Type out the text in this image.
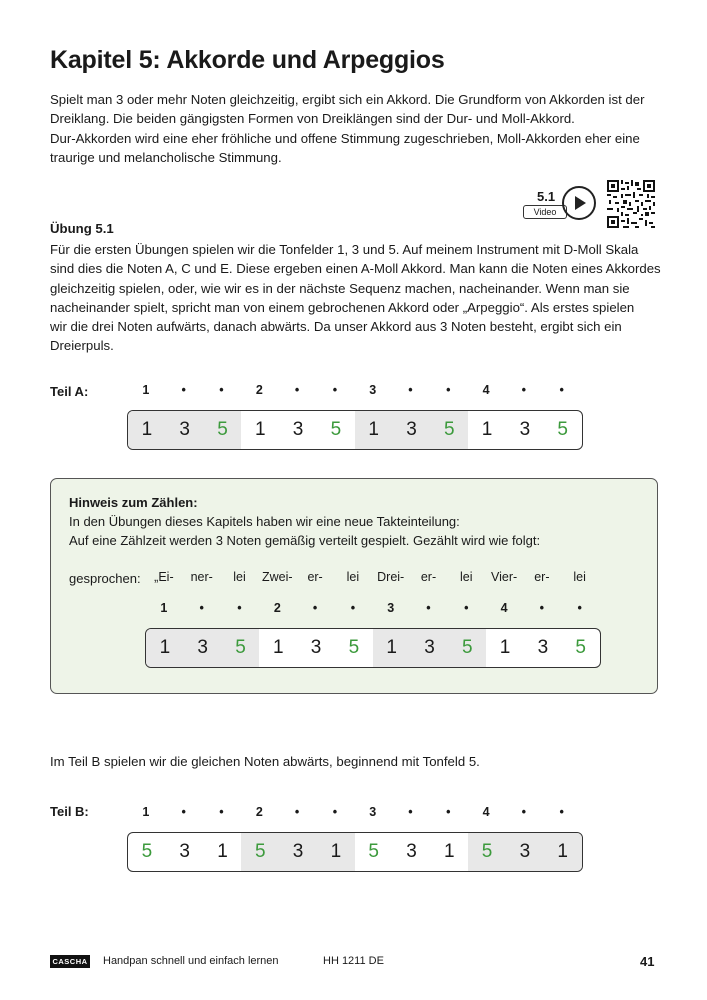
Kapitel 5: Akkorde und Arpeggios
Spielt man 3 oder mehr Noten gleichzeitig, ergibt sich ein Akkord. Die Grundform von Akkorden ist der
Dreiklang. Die beiden gängigsten Formen von Dreiklängen sind der Dur- und Moll-Akkord.
Dur-Akkorden wird eine eher fröhliche und offene Stimmung zugeschrieben, Moll-Akkorden eher eine
traurige und melancholische Stimmung.
5.1
Video
Übung 5.1
Für die ersten Übungen spielen wir die Tonfelder 1, 3 und 5. Auf meinem Instrument mit D-Moll Skala
sind dies die Noten A, C und E. Diese ergeben einen A-Moll Akkord. Man kann die Noten eines Akkordes
gleichzeitig spielen, oder, wie wir es in der nächste Sequenz machen, nacheinander. Wenn man sie
nacheinander spielt, spricht man von einem gebrochenen Akkord oder „Arpeggio“. Als erstes spielen
wir die drei Noten aufwärts, danach abwärts. Da unser Akkord aus 3 Noten besteht, ergibt sich ein
Dreierpuls.
Teil A:	1	•	•	2	•	•	3	•	•	4	•	•
1	3	5	1	3	5	1	3	5	1	3	5
Hinweis zum Zählen:
In den Übungen dieses Kapitels haben wir eine neue Takteinteilung:
Auf eine Zählzeit werden 3 Noten gemäßig verteilt gespielt. Gezählt wird wie folgt:
gesprochen:	„Ei-	ner-	lei	Zwei-	er-	lei	Drei-	er-	lei	Vier-	er-	lei
1	•	•	2	•	•	3	•	•	4	•	•
1	3	5	1	3	5	1	3	5	1	3	5
Im Teil B spielen wir die gleichen Noten abwärts, beginnend mit Tonfeld 5.
Teil B:	1	•	•	2	•	•	3	•	•	4	•	•
5	3	1	5	3	1	5	3	1	5	3	1
CASCHA Handpan schnell und einfach lernen	HH 1211 DE	41
